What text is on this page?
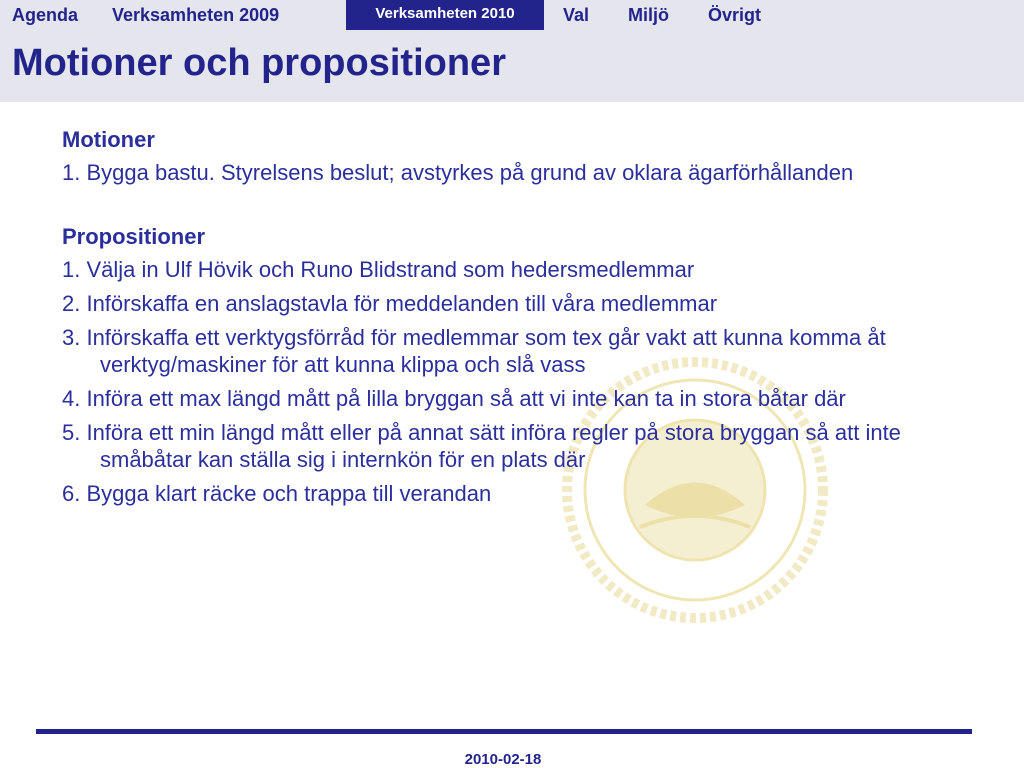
Agenda Verksamheten 2009	Verksamheten 2010	Val Miljö Övrigt
Motioner och propositioner
Motioner
1. Bygga bastu. Styrelsens beslut; avstyrkes på grund av oklara ägarförhållanden
Propositioner
1. Välja in Ulf Hövik och Runo Blidstrand som hedersmedlemmar
2. Införskaffa en anslagstavla för meddelanden till våra medlemmar
3. Införskaffa ett verktygsförråd för medlemmar som tex går vakt att kunna komma åt verktyg/maskiner för att kunna klippa och slå vass
4. Införa ett max längd mått på lilla bryggan så att vi inte kan ta in stora båtar där
5. Införa ett min längd mått eller på annat sätt införa regler på stora bryggan så att inte småbåtar kan ställa sig i internkön för en plats där
6. Bygga klart räcke och trappa till verandan
2010-02-18
